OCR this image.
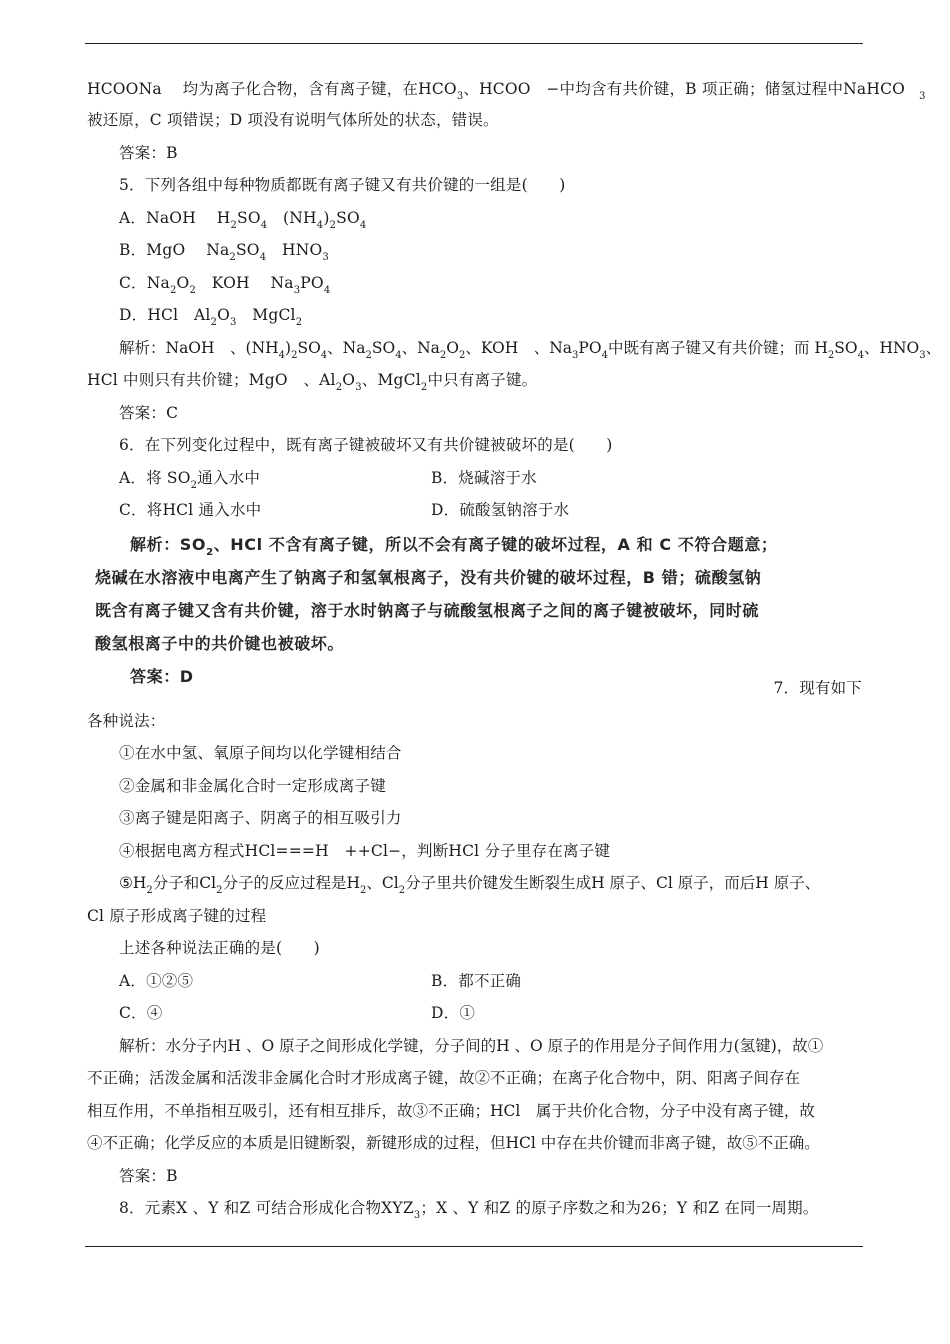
HCOONa　 均为离子化合物，含有离子键，在$HCO_3$、HCOO　−中均含有共价键，B 项正确；储氢过程中NaHCO $_3$
被还原，C 项错误；D 项没有说明气体所处的状态，错误。
答案：B
5．下列各组中每种物质都既有离子键又有共价键的一组是(　　)
A．NaOH　 $H_2SO_4$　$(NH_4)_2SO_4$
B．MgO　 $Na_2SO_4$　$HNO_3$
C．$Na_2O_2$　KOH　 $Na_3PO_4$
D．HCl　$Al_2O_3$　MgCl$_2$
解析：NaOH　、$(NH_4)_2SO_4$、$Na_2SO_4$、$Na_2O_2$、KOH　、$Na_3PO_4$中既有离子键又有共价键；而 $H_2SO_4$、$HNO_3$、
HCl 中则只有共价键；MgO　、$Al_2O_3$、MgCl$_2$中只有离子键。
答案：C
6．在下列变化过程中，既有离子键被破坏又有共价键被破坏的是(　　)
A．将 $SO_2$通入水中	B．烧碱溶于水
C．将HCl 通入水中	D．硫酸氢钠溶于水
解析：$SO_2$、HCl 不含有离子键，所以不会有离子键的破坏过程，A 和 C 不符合题意；
烧碱在水溶液中电离产生了钠离子和氢氧根离子，没有共价键的破坏过程，B 错；硫酸氢钠
既含有离子键又含有共价键，溶于水时钠离子与硫酸氢根离子之间的离子键被破坏，同时硫
酸氢根离子中的共价键也被破坏。
答案：D
7．现有如下
各种说法：
①在水中氢、氧原子间均以化学键相结合
②金属和非金属化合时一定形成离子键
③离子键是阳离子、阴离子的相互吸引力
④根据电离方程式HCl===H　++Cl−，判断HCl 分子里存在离子键
$⑤H_2$分子和$Cl_2$分子的反应过程是$H_2$、$Cl_2$分子里共价键发生断裂生成H 原子、Cl 原子，而后H 原子、
Cl 原子形成离子键的过程
上述各种说法正确的是(　　)
A．①②⑤	B．都不正确
C．④	D．①
解析：水分子内H 、O 原子之间形成化学键，分子间的H 、O 原子的作用是分子间作用力(氢键)，故①
不正确；活泼金属和活泼非金属化合时才形成离子键，故②不正确；在离子化合物中，阴、阳离子间存在
相互作用，不单指相互吸引，还有相互排斥，故③不正确；HCl　属于共价化合物，分子中没有离子键，故
④不正确；化学反应的本质是旧键断裂，新键形成的过程，但HCl 中存在共价键而非离子键，故⑤不正确。
答案：B
8．元素X 、Y 和Z 可结合形成化合物$XYZ_3$；X 、Y 和Z 的原子序数之和为26；Y 和Z 在同一周期。
